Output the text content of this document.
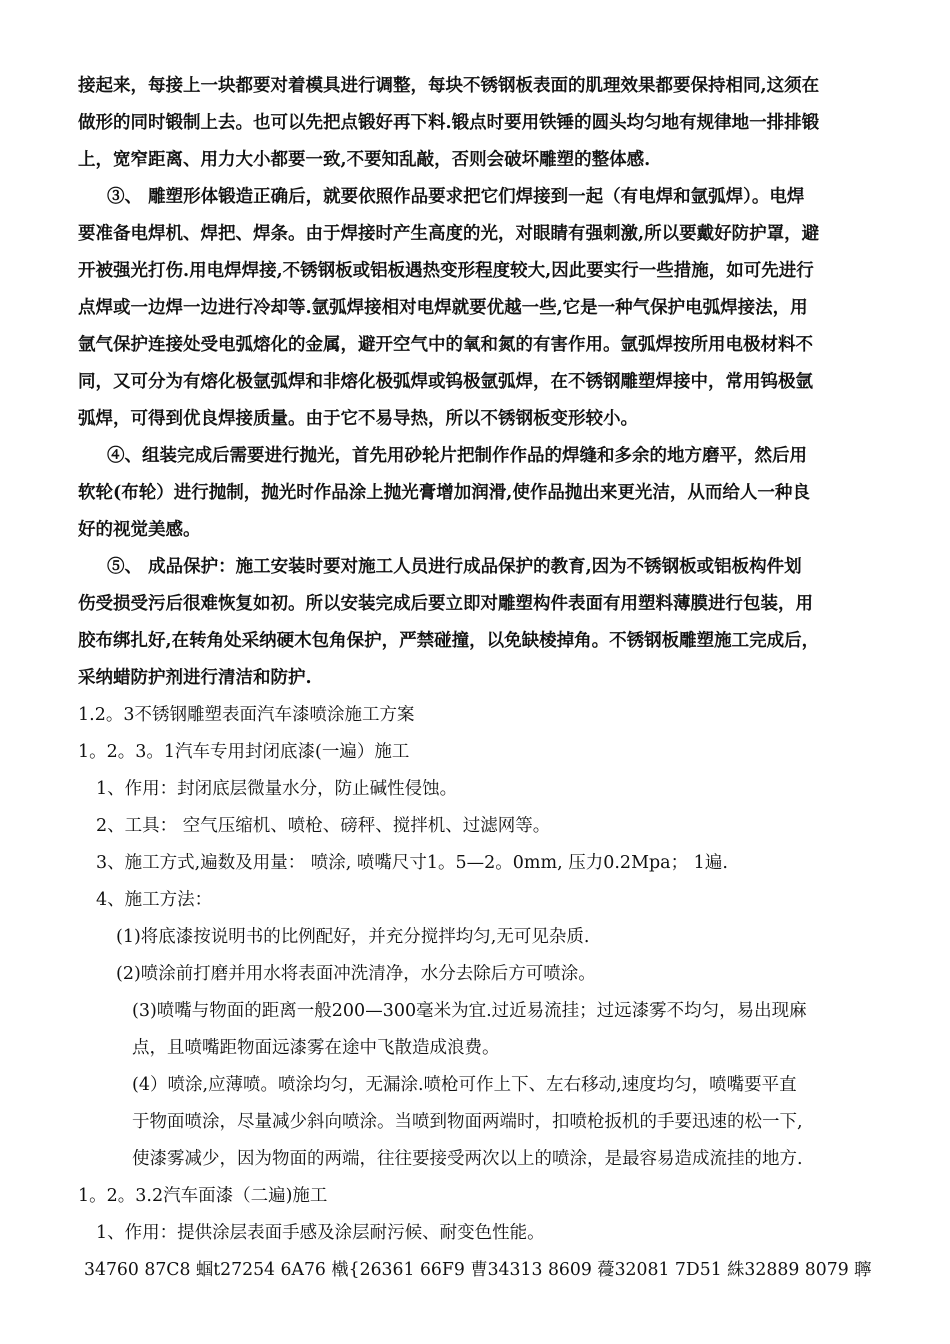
接起来，每接上一块都要对着模具进行调整，每块不锈钢板表面的肌理效果都要保持相同,这须在
做形的同时锻制上去。也可以先把点锻好再下料.锻点时要用铁锤的圆头均匀地有规律地一排排锻
上，宽窄距离、用力大小都要一致,不要知乱敲，否则会破坏雕塑的整体感.
③、 雕塑形体锻造正确后，就要依照作品要求把它们焊接到一起（有电焊和氩弧焊）。电焊
要准备电焊机、焊把、焊条。由于焊接时产生高度的光，对眼睛有强刺激,所以要戴好防护罩，避
开被强光打伤.用电焊焊接,不锈钢板或铝板遇热变形程度较大,因此要实行一些措施，如可先进行
点焊或一边焊一边进行冷却等.氩弧焊接相对电焊就要优越一些,它是一种气保护电弧焊接法，用
氩气保护连接处受电弧熔化的金属，避开空气中的氧和氮的有害作用。氩弧焊按所用电极材料不
同，又可分为有熔化极氩弧焊和非熔化极弧焊或钨极氩弧焊，在不锈钢雕塑焊接中，常用钨极氩
弧焊，可得到优良焊接质量。由于它不易导热，所以不锈钢板变形较小。
④、组装完成后需要进行抛光，首先用砂轮片把制作作品的焊缝和多余的地方磨平，然后用
软轮(布轮）进行抛制，抛光时作品涂上抛光膏增加润滑,使作品抛出来更光洁，从而给人一种良
好的视觉美感。
⑤、 成品保护：施工安装时要对施工人员进行成品保护的教育,因为不锈钢板或铝板构件划
伤受损受污后很难恢复如初。所以安装完成后要立即对雕塑构件表面有用塑料薄膜进行包装，用
胶布绑扎好,在转角处采纳硬木包角保护，严禁碰撞，以免缺棱掉角。不锈钢板雕塑施工完成后，
采纳蜡防护剂进行清洁和防护.
1.2。3不锈钢雕塑表面汽车漆喷涂施工方案
1。2。3。1汽车专用封闭底漆(一遍）施工
1、作用：封闭底层微量水分，防止碱性侵蚀。
2、工具： 空气压缩机、喷枪、磅秤、搅拌机、过滤网等。
3、施工方式,遍数及用量： 喷涂, 喷嘴尺寸1。5—2。0mm, 压力0.2Mpa； 1遍.
4、施工方法：
(1)将底漆按说明书的比例配好，并充分搅拌均匀,无可见杂质.
(2)喷涂前打磨并用水将表面冲洗清净，水分去除后方可喷涂。
(3)喷嘴与物面的距离一般200—300毫米为宜.过近易流挂；过远漆雾不均匀，易出现麻
点，且喷嘴距物面远漆雾在途中飞散造成浪费。
(4）喷涂,应薄喷。喷涂均匀，无漏涂.喷枪可作上下、左右移动,速度均匀，喷嘴要平直
于物面喷涂，尽量减少斜向喷涂。当喷到物面两端时，扣喷枪扳机的手要迅速的松一下,
使漆雾减少，因为物面的两端，往往要接受两次以上的喷涂，是最容易造成流挂的地方.
1。2。3.2汽车面漆（二遍)施工
1、作用：提供涂层表面手感及涂层耐污候、耐变色性能。
34760 87C8 蝈t27254 6A76 橶{26361 66F9 曹34313 8609 蘉32081 7D51 絑32889 8079 聹
